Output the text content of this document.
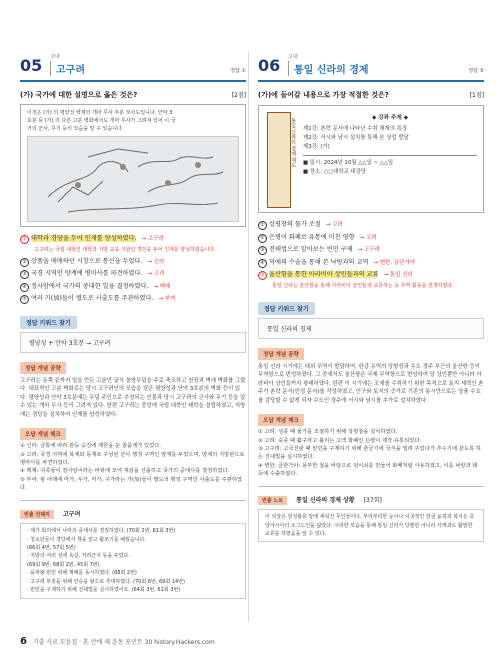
05 고대
고구려	정답 ①
(가) 국가에 대한 설명으로 옳은 것은?	[2점]
이것은 (가) 의 평양성 백제의 개마 무사 부분 모사도입니다. 안악 3
호분 등 (가) 의 다른 고분 벽화에서도 개마 무사가 그려져 있어 이 국
가의 군사, 무기 등의 모습을 알 수 있습니다.
① 대학과 경당을 두어 인재를 양성하였다. → 고구려
고구려는 국립 대학인 태학과 지방 교육 기관인 경당을 두어 인재를 양성하였습니다.
② 상품을 매매하던 시장으로 통신을 두었다. → 신라
③ 국경 지역인 양계에 병마사를 파견하였다. → 고려
④ 정사암에서 국가의 중대한 일을 결정하였다. → 백제
⑤ 여러 가(加)들이 별도로 사출도를 주관하였다. → 부여
정답 키워드 찾기
평양성 + 안악 3호분 → 고구려
정답 개념 공략
고구려는 동쪽 끝까지 밀을 만든 고분인 굴식 돌방무덤을 주로 축조하고 천장과 벽에 벽화를 그렸다. 대표적인 고분 벽화로는 당시 고구려인의 모습을 담은 평양성과 안악 3호분의 벽화 등이 있다. 평양성과 안악 3호분에는 무덤 주인으로 추정되는 인물과 당시 고구려의 군사와 무기 등을 알 수 있는 개마 무사 등이 그려져 있다. 한편 고구려는 중앙에 국립 대학인 태학을 설립하였고, 지방에는 경당을 설치하여 인재를 양성하였다.
오답 개념 체크
② 신라: 금통에 따라 관등 승진에 제한을 둔 골품제가 있었다.
③ 고려: 국경 지역에 북계와 동계로 구성된 군사 행정 구역인 양계를 두었으며, 양계의 지방관으로 병마사를 파견하였다.
④ 백제: 귀족들이 정사암이라는 바위에 모여 재상을 선출하고 국가의 중대사를 결정하였다.
⑤ 부여: 왕 아래에 마가, 우가, 저가, 구가라는 가(加)들이 별도의 행정 구역인 사출도를 주관하였다.
빈출 선택지 고구려
· 제가 회의에서 나라의 중대사를 결정하였다. (70회 2번, 61회 3번)
· 청소년들이 경당에서 책을 읽고 활쏘기를 배웠습니다.
(66회 4번, 57회 5번)
· 지방의 여러 성에 욕살, 처려근지 등을 두었다.
(69회 9번, 68회 2번, 45회 7번)
· 을파왕 빈민 위해 재해를 동시하였다. (68회 2번)
· 고구려 부흥을 위해 안승을 왕으로 추대하였다. (70회 6번, 69회 14번)
· 빈민을 구제하기 위해 진대법을 실시하였어요. (64회 3번, 61회 3번)
06 고대
통일 신라의 경제	정답 ⑤
(가)에 들어갈 내용으로 가장 적절한 것은?	[1점]
통일 신라의 경제 제도	◆ 강좌 주제 ◆
제1강: 촌락 문서에 나타난 수취 체제의 특징
제2강: 서시와 남시 설치를 통해 본 상업 발달
제3강: (가)
■ 일시: 2024년 10월 △△일 ~ △△일
■ 장소: ○○대학교 대강당
① 상평창의 물가 조절 → 고려
② 은병이 화폐로 유통에 미친 영향 → 고려
③ 전태법으로 알아보는 빈민 구제 → 고구려
④ 덕애의 수술을 통해 본 낙랑과의 교역 → 변한, 금관가야
⑤ 울산항을 통한 아라비아 상인들과의 교류 → 통일 신라
통일 신라는 울산항을 통해 아라비아 상인들과 교류하는 등 무역 활동을 전개하였다.
정답 키워드 찾기
통일 신라의 경제
정답 개념 공략
통일 신라 시기에는 대외 무역이 발달하여, 한강 유역의 당항성과 수도 경주 부근의 울산항 등이 무역항으로 번성하였다. 그 중에서도 울산항은 국제 무역항으로 번성하여 당 상인뿐만 아니라 아라비아 상인들까지 왕래하였다. 한편 이 시기에는 조세를 수취하기 위한 목적으로 토지 세력인 촌주가 촌락 문서(민정 문서)를 작성하였고, 인구와 토지의 증가로 기존의 동시만으로는 상품 수요를 감당할 수 없게 되자 수도인 경주에 서시와 남시를 추가로 설치하였다.
오답 개념 체크
① 고려: 성종 때 물가를 조절하기 위해 상평창을 설치하였다.
② 고려: 숙종 때 활구라고 불리는 고액 화폐인 은병이 제작·유통되었다.
③ 고구려: 고국천왕 때 빈민을 구제하기 위해 춘궁기에 국식을 빌려 주었다가 추수기에 갚도록 하는 진대법을 실시하였다.
④ 변한, 금관가야: 풍부한 철을 바탕으로 덩이쇠를 만들어 화폐처럼 사용하였고, 이를 낙랑과 왜 등에 수출하였다.
빈출 노트 통일 신라의 경제 상황 [37회]
이 석상은 원성왕릉 앞에 세워진 무인상이다. 부리부리한 눈이나 이국적인 얼굴 윤곽과 복식은 중앙아시아의 소그드인을 닮았다. 이러한 모습을 통해 통일 신라가 당뿐만 아니라 서역과도 활발한 교류를 하였음을 알 수 있다.
6 기출 사료 모음집 · 혼 안에 새 흔동 포인트 30 history.Hackers.com
